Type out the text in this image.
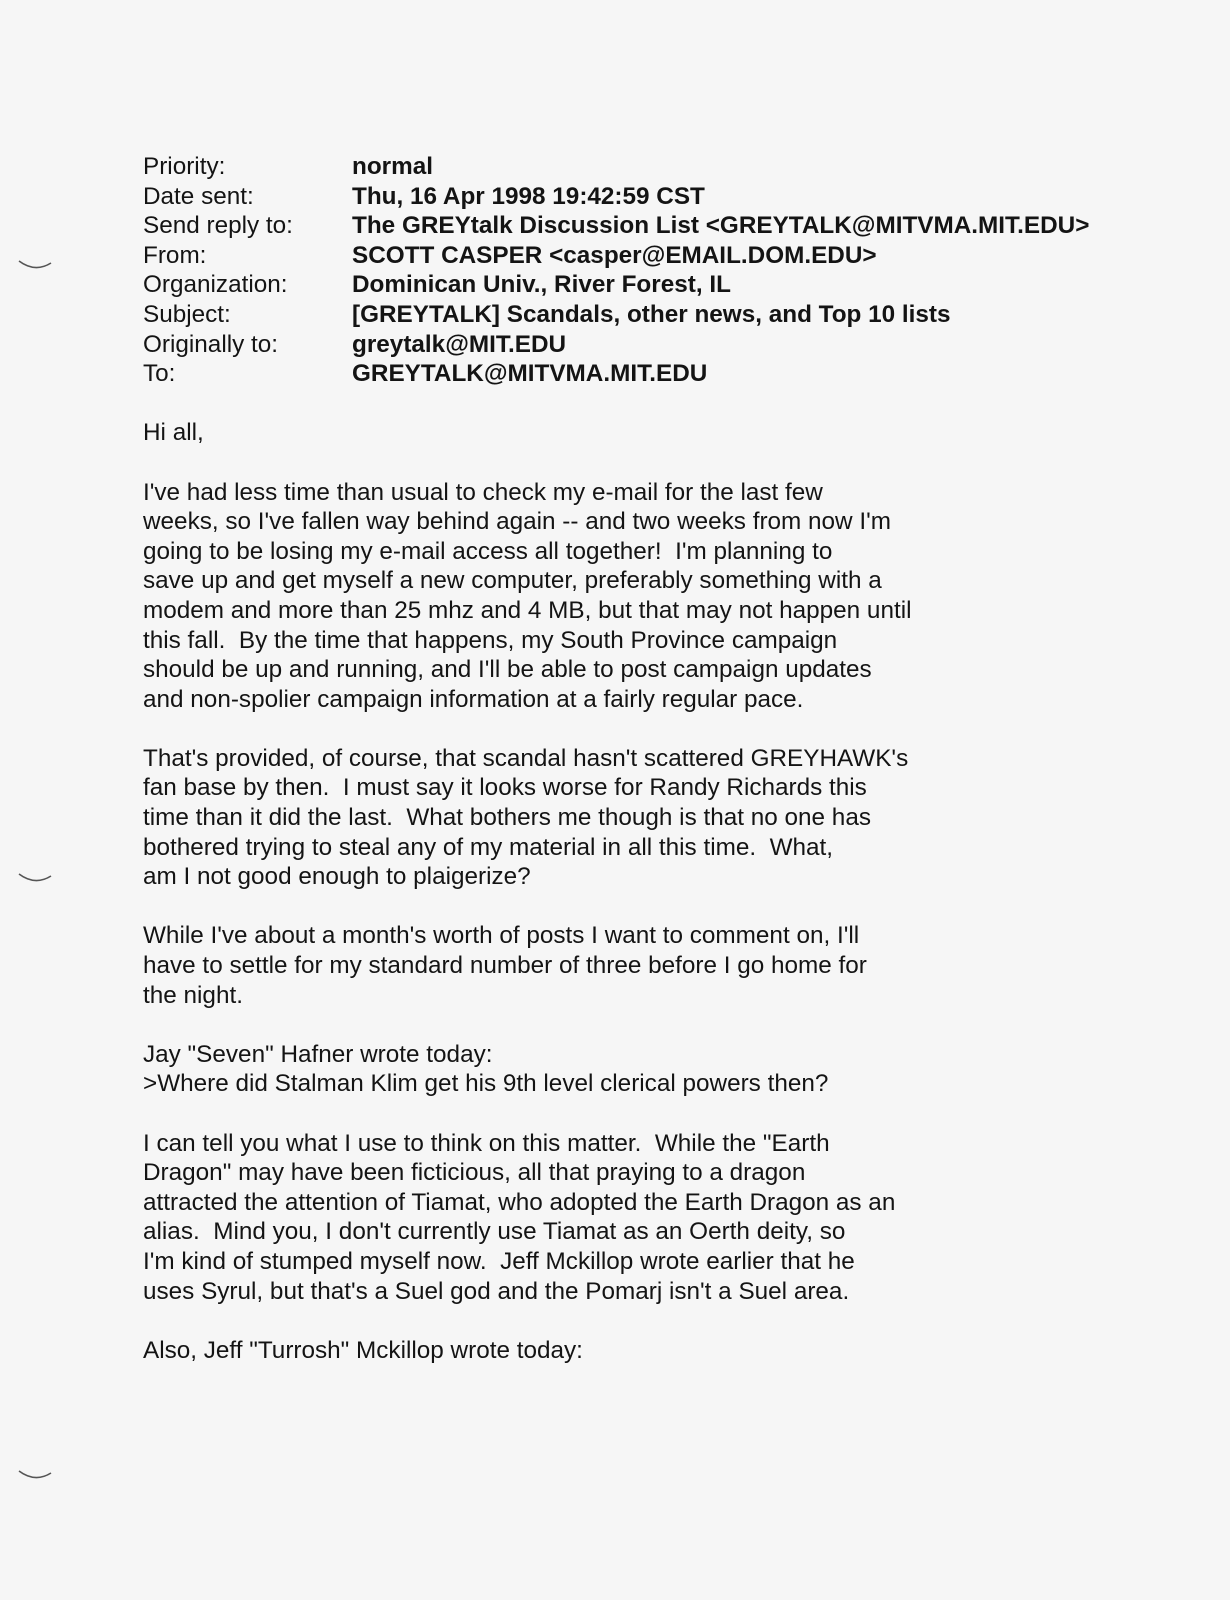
Priority:	normal
Date sent:	Thu, 16 Apr 1998 19:42:59 CST
Send reply to:	The GREYtalk Discussion List <GREYTALK@MITVMA.MIT.EDU>
From:	SCOTT CASPER <casper@EMAIL.DOM.EDU>
Organization:	Dominican Univ., River Forest, IL
Subject:	[GREYTALK] Scandals, other news, and Top 10 lists
Originally to:	greytalk@MIT.EDU
To:	GREYTALK@MITVMA.MIT.EDU
Hi all,
I've had less time than usual to check my e-mail for the last few
weeks, so I've fallen way behind again -- and two weeks from now I'm
going to be losing my e-mail access all together!  I'm planning to
save up and get myself a new computer, preferably something with a
modem and more than 25 mhz and 4 MB, but that may not happen until
this fall.  By the time that happens, my South Province campaign
should be up and running, and I'll be able to post campaign updates
and non-spolier campaign information at a fairly regular pace.
That's provided, of course, that scandal hasn't scattered GREYHAWK's
fan base by then.  I must say it looks worse for Randy Richards this
time than it did the last.  What bothers me though is that no one has
bothered trying to steal any of my material in all this time.  What,
am I not good enough to plaigerize?
While I've about a month's worth of posts I want to comment on, I'll
have to settle for my standard number of three before I go home for
the night.
Jay "Seven" Hafner wrote today:
>Where did Stalman Klim get his 9th level clerical powers then?
I can tell you what I use to think on this matter.  While the "Earth
Dragon" may have been ficticious, all that praying to a dragon
attracted the attention of Tiamat, who adopted the Earth Dragon as an
alias.  Mind you, I don't currently use Tiamat as an Oerth deity, so
I'm kind of stumped myself now.  Jeff Mckillop wrote earlier that he
uses Syrul, but that's a Suel god and the Pomarj isn't a Suel area.
Also, Jeff "Turrosh" Mckillop wrote today:
